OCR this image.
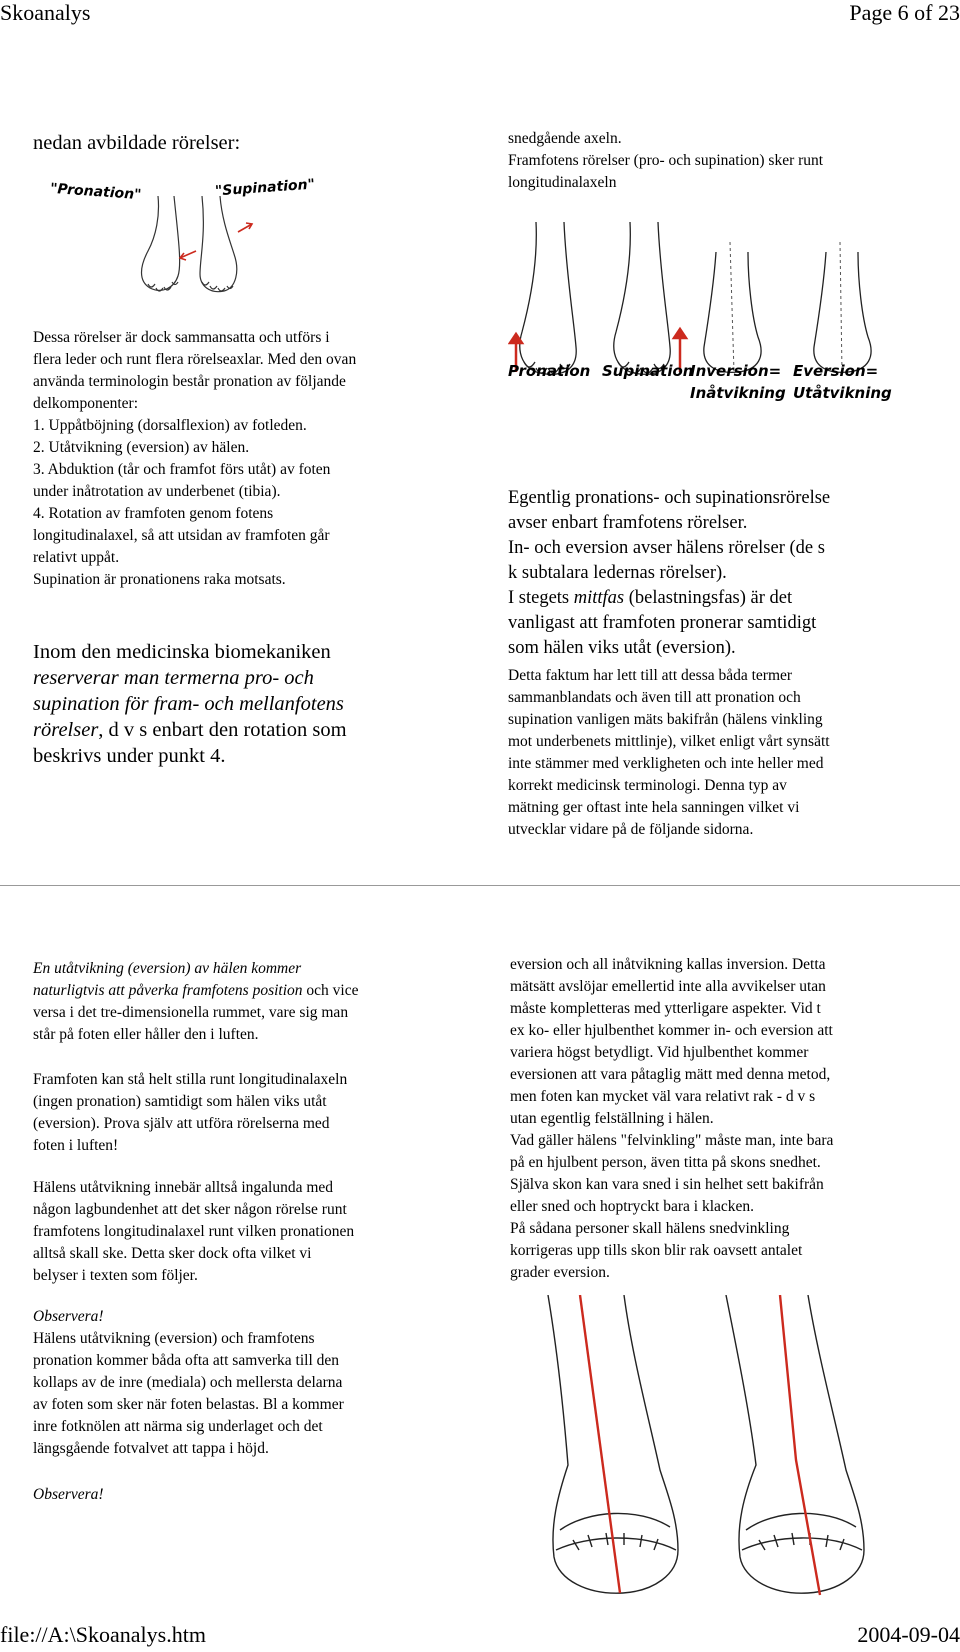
Skoanalys	Page 6 of 23
nedan avbildade rörelser:
"Pronation"	"Supination"
Dessa rörelser är dock sammansatta och utförs i
flera leder och runt flera rörelseaxlar. Med den ovan
använda terminologin består pronation av följande
delkomponenter:
1. Uppåtböjning (dorsalflexion) av fotleden.
2. Utåtvikning (eversion) av hälen.
3. Abduktion (tår och framfot förs utåt) av foten
under inåtrotation av underbenet (tibia).
4. Rotation av framfoten genom fotens
longitudinalaxel, så att utsidan av framfoten går
relativt uppåt.
Supination är pronationens raka motsats.
Inom den medicinska biomekaniken
reserverar man termerna pro- och
supination för fram- och mellanfotens
rörelser, d v s enbart den rotation som
beskrivs under punkt 4.
snedgående axeln.
Framfotens rörelser (pro- och supination) sker runt
longitudinalaxeln
Pronation Supination
Inversion=
Inåtvikning
Eversion=
Utåtvikning
Egentlig pronations- och supinationsrörelse
avser enbart framfotens rörelser.
In- och eversion avser hälens rörelser (de s
k subtalara ledernas rörelser).
I stegets mittfas (belastningsfas) är det
vanligast att framfoten pronerar samtidigt
som hälen viks utåt (eversion).
Detta faktum har lett till att dessa båda termer
sammanblandats och även till att pronation och
supination vanligen mäts bakifrån (hälens vinkling
mot underbenets mittlinje), vilket enligt vårt synsätt
inte stämmer med verkligheten och inte heller med
korrekt medicinsk terminologi. Denna typ av
mätning ger oftast inte hela sanningen vilket vi
utvecklar vidare på de följande sidorna.
En utåtvikning (eversion) av hälen kommer
naturligtvis att påverka framfotens position och vice
versa i det tre-dimensionella rummet, vare sig man
står på foten eller håller den i luften.
Framfoten kan stå helt stilla runt longitudinalaxeln
(ingen pronation) samtidigt som hälen viks utåt
(eversion). Prova själv att utföra rörelserna med
foten i luften!
Hälens utåtvikning innebär alltså ingalunda med
någon lagbundenhet att det sker någon rörelse runt
framfotens longitudinalaxel runt vilken pronationen
alltså skall ske. Detta sker dock ofta vilket vi
belyser i texten som följer.
Observera!
Hälens utåtvikning (eversion) och framfotens
pronation kommer båda ofta att samverka till den
kollaps av de inre (mediala) och mellersta delarna
av foten som sker när foten belastas. Bl a kommer
inre fotknölen att närma sig underlaget och det
längsgående fotvalvet att tappa i höjd.
Observera!
eversion och all inåtvikning kallas inversion. Detta
mätsätt avslöjar emellertid inte alla avvikelser utan
måste kompletteras med ytterligare aspekter. Vid t
ex ko- eller hjulbenthet kommer in- och eversion att
variera högst betydligt. Vid hjulbenthet kommer
eversionen att vara påtaglig mätt med denna metod,
men foten kan mycket väl vara relativt rak - d v s
utan egentlig felställning i hälen.
Vad gäller hälens "felvinkling" måste man, inte bara
på en hjulbent person, även titta på skons snedhet.
Själva skon kan vara sned i sin helhet sett bakifrån
eller sned och hoptryckt bara i klacken.
På sådana personer skall hälens snedvinkling
korrigeras upp tills skon blir rak oavsett antalet
grader eversion.
file://A:\Skoanalys.htm	2004-09-04
